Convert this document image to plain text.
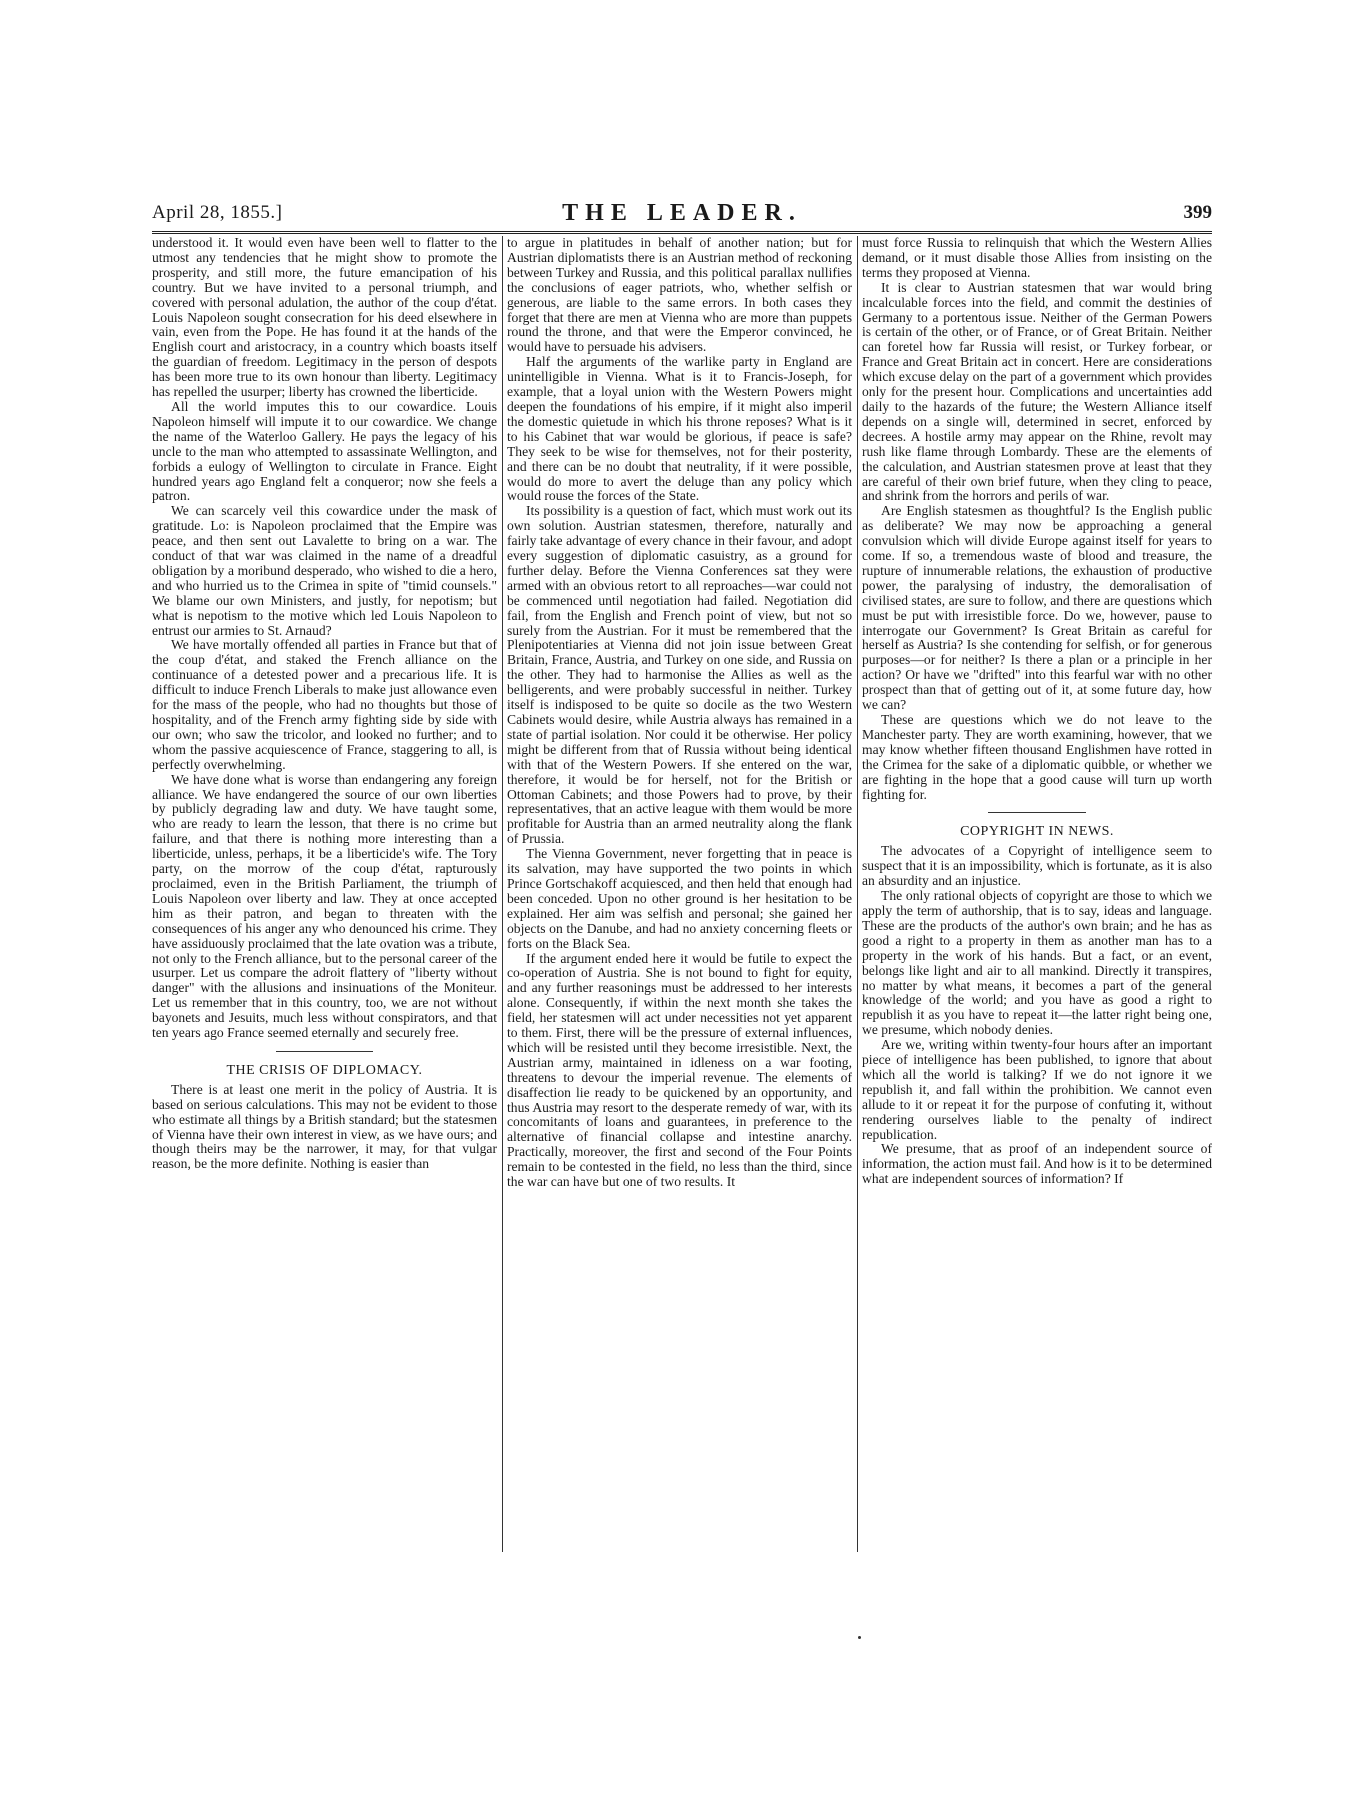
April 28, 1855.]	THE LEADER.	399

understood it. It would even have been well to flatter to the utmost any tendencies that he might show to promote the prosperity, and still more, the future emancipation of his country. But we have invited to a personal triumph, and covered with personal adulation, the author of the coup d'état. Louis Napoleon sought consecration for his deed elsewhere in vain, even from the Pope. He has found it at the hands of the English court and aristocracy, in a country which boasts itself the guardian of freedom. Legitimacy in the person of despots has been more true to its own honour than liberty. Legitimacy has repelled the usurper; liberty has crowned the liberticide.

All the world imputes this to our cowardice. Louis Napoleon himself will impute it to our cowardice. We change the name of the Waterloo Gallery. He pays the legacy of his uncle to the man who attempted to assassinate Wellington, and forbids a eulogy of Wellington to circulate in France. Eight hundred years ago England felt a conqueror; now she feels a patron.

We can scarcely veil this cowardice under the mask of gratitude. Lo: is Napoleon proclaimed that the Empire was peace, and then sent out Lavalette to bring on a war. The conduct of that war was claimed in the name of a dreadful obligation by a moribund desperado, who wished to die a hero, and who hurried us to the Crimea in spite of "timid counsels." We blame our own Ministers, and justly, for nepotism; but what is nepotism to the motive which led Louis Napoleon to entrust our armies to St. Arnaud?

We have mortally offended all parties in France but that of the coup d'état, and staked the French alliance on the continuance of a detested power and a precarious life. It is difficult to induce French Liberals to make just allowance even for the mass of the people, who had no thoughts but those of hospitality, and of the French army fighting side by side with our own; who saw the tricolor, and looked no further; and to whom the passive acquiescence of France, staggering to all, is perfectly overwhelming.

We have done what is worse than endangering any foreign alliance. We have endangered the source of our own liberties by publicly degrading law and duty. We have taught some, who are ready to learn the lesson, that there is no crime but failure, and that there is nothing more interesting than a liberticide, unless, perhaps, it be a liberticide's wife. The Tory party, on the morrow of the coup d'état, rapturously proclaimed, even in the British Parliament, the triumph of Louis Napoleon over liberty and law. They at once accepted him as their patron, and began to threaten with the consequences of his anger any who denounced his crime. They have assiduously proclaimed that the late ovation was a tribute, not only to the French alliance, but to the personal career of the usurper. Let us compare the adroit flattery of "liberty without danger" with the allusions and insinuations of the Moniteur. Let us remember that in this country, too, we are not without bayonets and Jesuits, much less without conspirators, and that ten years ago France seemed eternally and securely free.

THE CRISIS OF DIPLOMACY.

There is at least one merit in the policy of Austria. It is based on serious calculations. This may not be evident to those who estimate all things by a British standard; but the statesmen of Vienna have their own interest in view, as we have ours; and though theirs may be the narrower, it may, for that vulgar reason, be the more definite. Nothing is easier than

to argue in platitudes in behalf of another nation; but for Austrian diplomatists there is an Austrian method of reckoning between Turkey and Russia, and this political parallax nullifies the conclusions of eager patriots, who, whether selfish or generous, are liable to the same errors. In both cases they forget that there are men at Vienna who are more than puppets round the throne, and that were the Emperor convinced, he would have to persuade his advisers.

Half the arguments of the warlike party in England are unintelligible in Vienna. What is it to Francis-Joseph, for example, that a loyal union with the Western Powers might deepen the foundations of his empire, if it might also imperil the domestic quietude in which his throne reposes? What is it to his Cabinet that war would be glorious, if peace is safe? They seek to be wise for themselves, not for their posterity, and there can be no doubt that neutrality, if it were possible, would do more to avert the deluge than any policy which would rouse the forces of the State.

Its possibility is a question of fact, which must work out its own solution. Austrian statesmen, therefore, naturally and fairly take advantage of every chance in their favour, and adopt every suggestion of diplomatic casuistry, as a ground for further delay. Before the Vienna Conferences sat they were armed with an obvious retort to all reproaches—war could not be commenced until negotiation had failed. Negotiation did fail, from the English and French point of view, but not so surely from the Austrian. For it must be remembered that the Plenipotentiaries at Vienna did not join issue between Great Britain, France, Austria, and Turkey on one side, and Russia on the other. They had to harmonise the Allies as well as the belligerents, and were probably successful in neither. Turkey itself is indisposed to be quite so docile as the two Western Cabinets would desire, while Austria always has remained in a state of partial isolation. Nor could it be otherwise. Her policy might be different from that of Russia without being identical with that of the Western Powers. If she entered on the war, therefore, it would be for herself, not for the British or Ottoman Cabinets; and those Powers had to prove, by their representatives, that an active league with them would be more profitable for Austria than an armed neutrality along the flank of Prussia.

The Vienna Government, never forgetting that in peace is its salvation, may have supported the two points in which Prince Gortschakoff acquiesced, and then held that enough had been conceded. Upon no other ground is her hesitation to be explained. Her aim was selfish and personal; she gained her objects on the Danube, and had no anxiety concerning fleets or forts on the Black Sea.

If the argument ended here it would be futile to expect the co-operation of Austria. She is not bound to fight for equity, and any further reasonings must be addressed to her interests alone. Consequently, if within the next month she takes the field, her statesmen will act under necessities not yet apparent to them. First, there will be the pressure of external influences, which will be resisted until they become irresistible. Next, the Austrian army, maintained in idleness on a war footing, threatens to devour the imperial revenue. The elements of disaffection lie ready to be quickened by an opportunity, and thus Austria may resort to the desperate remedy of war, with its concomitants of loans and guarantees, in preference to the alternative of financial collapse and intestine anarchy. Practically, moreover, the first and second of the Four Points remain to be contested in the field, no less than the third, since the war can have but one of two results. It

must force Russia to relinquish that which the Western Allies demand, or it must disable those Allies from insisting on the terms they proposed at Vienna.

It is clear to Austrian statesmen that war would bring incalculable forces into the field, and commit the destinies of Germany to a portentous issue. Neither of the German Powers is certain of the other, or of France, or of Great Britain. Neither can foretel how far Russia will resist, or Turkey forbear, or France and Great Britain act in concert. Here are considerations which excuse delay on the part of a government which provides only for the present hour. Complications and uncertainties add daily to the hazards of the future; the Western Alliance itself depends on a single will, determined in secret, enforced by decrees. A hostile army may appear on the Rhine, revolt may rush like flame through Lombardy. These are the elements of the calculation, and Austrian statesmen prove at least that they are careful of their own brief future, when they cling to peace, and shrink from the horrors and perils of war.

Are English statesmen as thoughtful? Is the English public as deliberate? We may now be approaching a general convulsion which will divide Europe against itself for years to come. If so, a tremendous waste of blood and treasure, the rupture of innumerable relations, the exhaustion of productive power, the paralysing of industry, the demoralisation of civilised states, are sure to follow, and there are questions which must be put with irresistible force. Do we, however, pause to interrogate our Government? Is Great Britain as careful for herself as Austria? Is she contending for selfish, or for generous purposes—or for neither? Is there a plan or a principle in her action? Or have we "drifted" into this fearful war with no other prospect than that of getting out of it, at some future day, how we can?

These are questions which we do not leave to the Manchester party. They are worth examining, however, that we may know whether fifteen thousand Englishmen have rotted in the Crimea for the sake of a diplomatic quibble, or whether we are fighting in the hope that a good cause will turn up worth fighting for.

COPYRIGHT IN NEWS.

The advocates of a Copyright of intelligence seem to suspect that it is an impossibility, which is fortunate, as it is also an absurdity and an injustice.

The only rational objects of copyright are those to which we apply the term of authorship, that is to say, ideas and language. These are the products of the author's own brain; and he has as good a right to a property in them as another man has to a property in the work of his hands. But a fact, or an event, belongs like light and air to all mankind. Directly it transpires, no matter by what means, it becomes a part of the general knowledge of the world; and you have as good a right to republish it as you have to repeat it—the latter right being one, we presume, which nobody denies.

Are we, writing within twenty-four hours after an important piece of intelligence has been published, to ignore that about which all the world is talking? If we do not ignore it we republish it, and fall within the prohibition. We cannot even allude to it or repeat it for the purpose of confuting it, without rendering ourselves liable to the penalty of indirect republication.

We presume, that as proof of an independent source of information, the action must fail. And how is it to be determined what are independent sources of information? If
